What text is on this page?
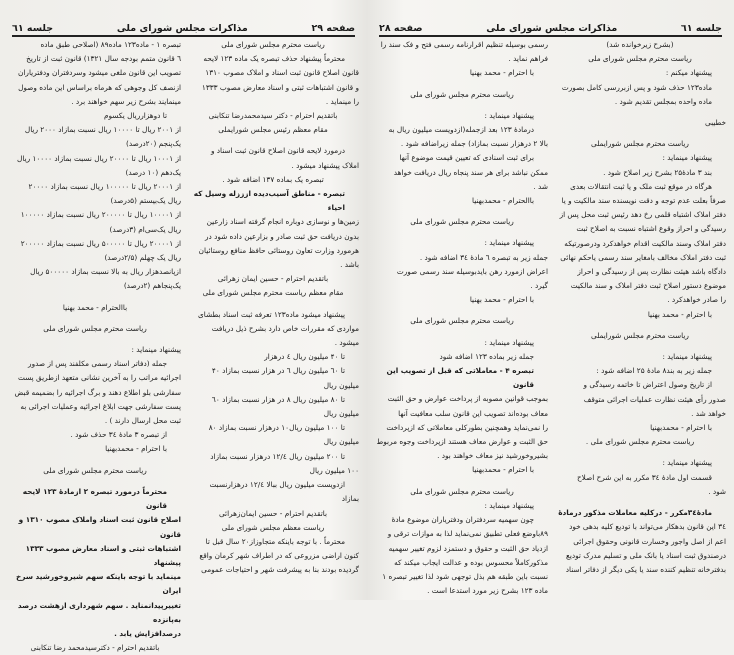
صفحه ۲۹
مذاکرات مجلس شورای ملی
جلسه ٦١

ریاست محترم مجلس شورای ملی

محترماً پیشنهاد حذف تبصره یک ماده ۱۲۳ لایحه

قانون اصلاح قانون ثبت اسناد و املاک مصوب ۱۳۱۰

و قانون اشتباهات ثبتی و اسناد معارض مصوب ۱۳۳۳

را مینماید .

باتقدیم احترام - دکتر سیدمحمدرضا تنکابنی

مقام معظم رئیس مجلس شورایملی

درمورد لایحه قانون اصلاح قانون ثبت اسناد و

املاک پیشنهاد میشود .

تبصره یک بماده ۱۳۷ اضافه شود .

تبصره - مناطق آسیب‌دیده ازززله وسیل که احیاء

زمین‌ها و نوسازی دوباره انجام گرفته اسناد زارعین

بدون دریافت حق ثبت صادر و بزارعین داده شود در

هرمورد وزارت تعاون روستائی حافظ منافع روستائیان

باشد .

باتقدیم احترام - حسین ایمان زهرائی

مقام معظم ریاست محترم مجلس شورای ملی

پیشنهاد میشود ماده۱۲۳ تعرفه ثبت اسناد بطشای

مواردی که مقررات خاص دارد بشرح ذیل دریافت

میشود .

تا ۴۰ میلیون ریال ٤ درهزار

تا ٦۰ میلیون ریال ٦ در هزار نسبت بمازاد ۴۰

میلیون ریال

تا ۸۰ میلیون ریال ۸ در هزار نسبت بمازاد ٦۰

میلیون ریال

تا ۱۰۰ میلیون ریال۱۰ درهزار نسبت بمازاد ۸۰

میلیون ریال

تا ۲۰۰ میلیون ریال ۱۲/٤ درهزار نسبت بمازاد

۱۰۰ میلیون ریال

ازدویست میلیون ریال ببالا ۱۲/٤ درهزارنسبت

بمازاد

باتقدیم احترام - حسین ایمان‌زهرائی

ریاست معظم مجلس شورای ملی

محترماً . با توجه باینکه متجاوزاز۲۰ سال قبل تا

کنون اراضی مزروعی که در اطراف شهر کرمان واقع

گردیده بودند بنا به پیشرفت شهر و احتیاجات عمومی

تبصره ۱ - ماده۱۲۳ ماده۸۹ (اصلاحی طبق ماده

٦ قانون متمم بودجه سال ۱۳۲۱) قانون ثبت از تاریخ

تصویب این قانون ملغی میشود وسردفتران ودفتریاران

ازنصف کل وجوهی که هرماه براساس این ماده وصول

مینمایند بشرح زیر سهم خواهند برد .

تا دوهزارریال یکسوم

از ۲۰۰۱ ریال تا ۱۰۰۰۰ ریال نسبت بمازاد ۲۰۰۰ ریال

یک‌پنجم (۲۰درصد)

از ۱۰۰۰۱ ریال تا ۲۰۰۰۰ ریال نسبت بمازاد ۱۰۰۰۰ ریال

یک‌دهم (۱۰ درصد)

از ۲۰۰۰۱ ریال تا ۱۰۰۰۰۰ ریال نسبت بمازاد ۲۰۰۰۰

ریال یک‌بیستم (۵درصد)

از ۱۰۰۰۰۱ ریال تا ۲۰۰۰۰۰ ریال نسبت بمازاد ۱۰۰۰۰۰

ریال یک‌سی‌ام (۳درصد)

از ۲۰۰۰۰۱ ریال تا ۵۰۰۰۰۰ ریال نسبت بمازاد ۲۰۰۰۰۰

ریال یک چهلم (۲/۵درصد)

ازپانصدهزار ریال به بالا نسبت بمازاد ۵۰۰۰۰۰ ریال

یک‌پنجاهم (۲درصد)

باالحترام - محمد بهنیا

ریاست محترم مجلس شورای ملی

پیشنهاد مینماید :

جمله (دفاتر اسناد رسمی مکلفند پس از صدور

اجرائیه مراتب را به آخرین نشانی متعهد ازطریق پست

سفارشی بلو اطلاع دهند و برگ اجرائیه را بضمیمه قبض

پست سفارشی جهت ابلاغ اجرائیه وعملیات اجرائی به

ثبت محل ارسال دارند ) .

از تبصره ۳ مادهٔ ۳٤ حذف شود .

با احترام - محمدبهنیا

ریاست محترم مجلس شورای ملی

محترماً درمورد تبصره ۲ ازمادهٔ ۱۲۳ لایحه قانون

اصلاح قانون ثبت اسناد واملاک مصوب ۱۳۱۰ و قانون

اشتباهات ثبتی و اسناد معارض مصوب ۱۳۳۳ پیشنهاد

مینماید با توجه باینکه سهم شیروخورشید سرخ ایران

تغییرپیدانمناید . سهم شهرداری ازهشت درصد به‌پانزده

درصدافزایش یابد .

باتقدیم احترام - دکترسیدمحمد رضا تنکابنی

جلسه ٦١
مذاکرات مجلس شورای ملی
صفحه ۲۸

(بشرح زیرخوانده شد)

ریاست محترم مجلس شورای ملی

پیشنهاد میکنم :

ماده۱۲۳ حذف شود و پس ازبررسی کامل بصورت

ماده واحده بمجلس تقدیم شود .

خطیبی

ریاست محترم مجلس شورایملی

پیشنهاد مینماید :

بند ۳ مادهٔ۲۵ بشرح زیر اصلاح شود .

هرگاه در موقع ثبت ملک و یا ثبت انتقالات بعدی

صرفاً بعلت عدم توجه و دقت نویسنده سند مالکیت و یا

دفتر املاک اشتباه قلمی رخ دهد رئیس ثبت محل پس از

رسیدگی و احراز وقوع اشتباه نسبت به اصلاح ثبت

دفتر املاک وسند مالکیت اقدام خواهدکرد ودرصورتیکه

ثبت دفتر املاک مخالف بامغایر سند رسمی یاحکم نهائی

دادگاه باشد هیئت نظارت پس از رسیدگی و احراز

موضوع دستور اصلاح ثبت دفتر املاک و سند مالکیت

را صادر خواهدکرد .

با احترام - محمد بهنیا

ریاست محترم مجلس شورایملی

پیشنهاد مینماید :

جمله زیر به بند۸ مادهٔ ۲۵ اضافه شود :

از تاریخ وصول اعتراض تا خاتمه رسیدگی و

صدور رأی هیئت نظارت عملیات اجرائی متوقف

خواهد شد .

با احترام - محمدبهنیا

ریاست محترم مجلس شورای ملی .

پیشنهاد مینماید :

قسمت اول مادهٔ ۳٤ مکرر به این شرح اصلاح

شود .

مادهٔ۳٤مکرر - درکلیه معاملات مذکور درمادهٔ

۳٤ این قانون بدهکار می‌تواند با تودیع کلیه بدهی خود

اعم از اصل واجور وخسارت قانونی وحقوق اجرائی

درصندوق ثبت اسناد یا بانک ملی و تسلیم مدرک تودیع

بدفترخانه تنظیم کننده سند یا یکی دیگر از دفاتر اسناد

رسمی بوسیله تنظیم اقرارنامه رسمی فتح و فک سند را

فراهم نماید .

با احترام - محمد بهنیا

ریاست محترم مجلس شورای ملی

پیشنهاد مینماید :

درمادهٔ ۱۲۳ بعد ازجمله(ازدویست میلیون ریال به

بالا ۲ درهزار نسبت بمازاد) جمله زیراضافه شود .

برای ثبت اسنادی که تعیین قیمت موضوع آنها

ممکن نباشد برای هر سند پنجاه ریال دریافت خواهد

شد .

باالحترام - محمدبهنیا

ریاست محترم مجلس شورای ملی

پیشنهاد مینماید :

جمله زیر به تبصره ٦ مادهٔ ۳٤ اضافه شود .

اعراض ازمورد رهن بایدبوسیله سند رسمی صورت

گیرد .

با احترام - محمد بهنیا

ریاست محترم مجلس شورای ملی

پیشنهاد مینماید :

جمله زیر بماده ۱۲۳ اضافه شود

تبصره ۴ - معاملاتی که قبل از تصویب این قانون

بموجب قوانین مصوبه از پرداخت عوارض و حق الثبت

معاف بوده‌اند تصویب این قانون سلب معافیت آنها

را نمی‌نماید وهمچنین بطورکلی معاملاتی که ازپرداخت

حق الثبت و عوارض معاف هستند ازپرداخت وجوه مربوط

بشیروخورشید نیز معاف خواهند بود .

با احترام - محمدبهنیا

ریاست محترم مجلس شورای ملی

پیشنهاد مینماید :

چون سهمیه سردفتران ودفتریاران موضوع مادهٔ

۸۹باوضع فعلی تطبیق نمی‌نماید لذا به موازات ترقی و

ازدیاد حق الثبت و حقوق و دستمزد لزوم تغییر سهمیه

مذکورکاملاً محسوس بوده و عدالت ایجاب میکند که

نسبت باین طبقه هم بذل توجهی شود لذا تغییر تبصره ۱

ماده ۱۲۳ بشرح زیر مورد استدعا است .
